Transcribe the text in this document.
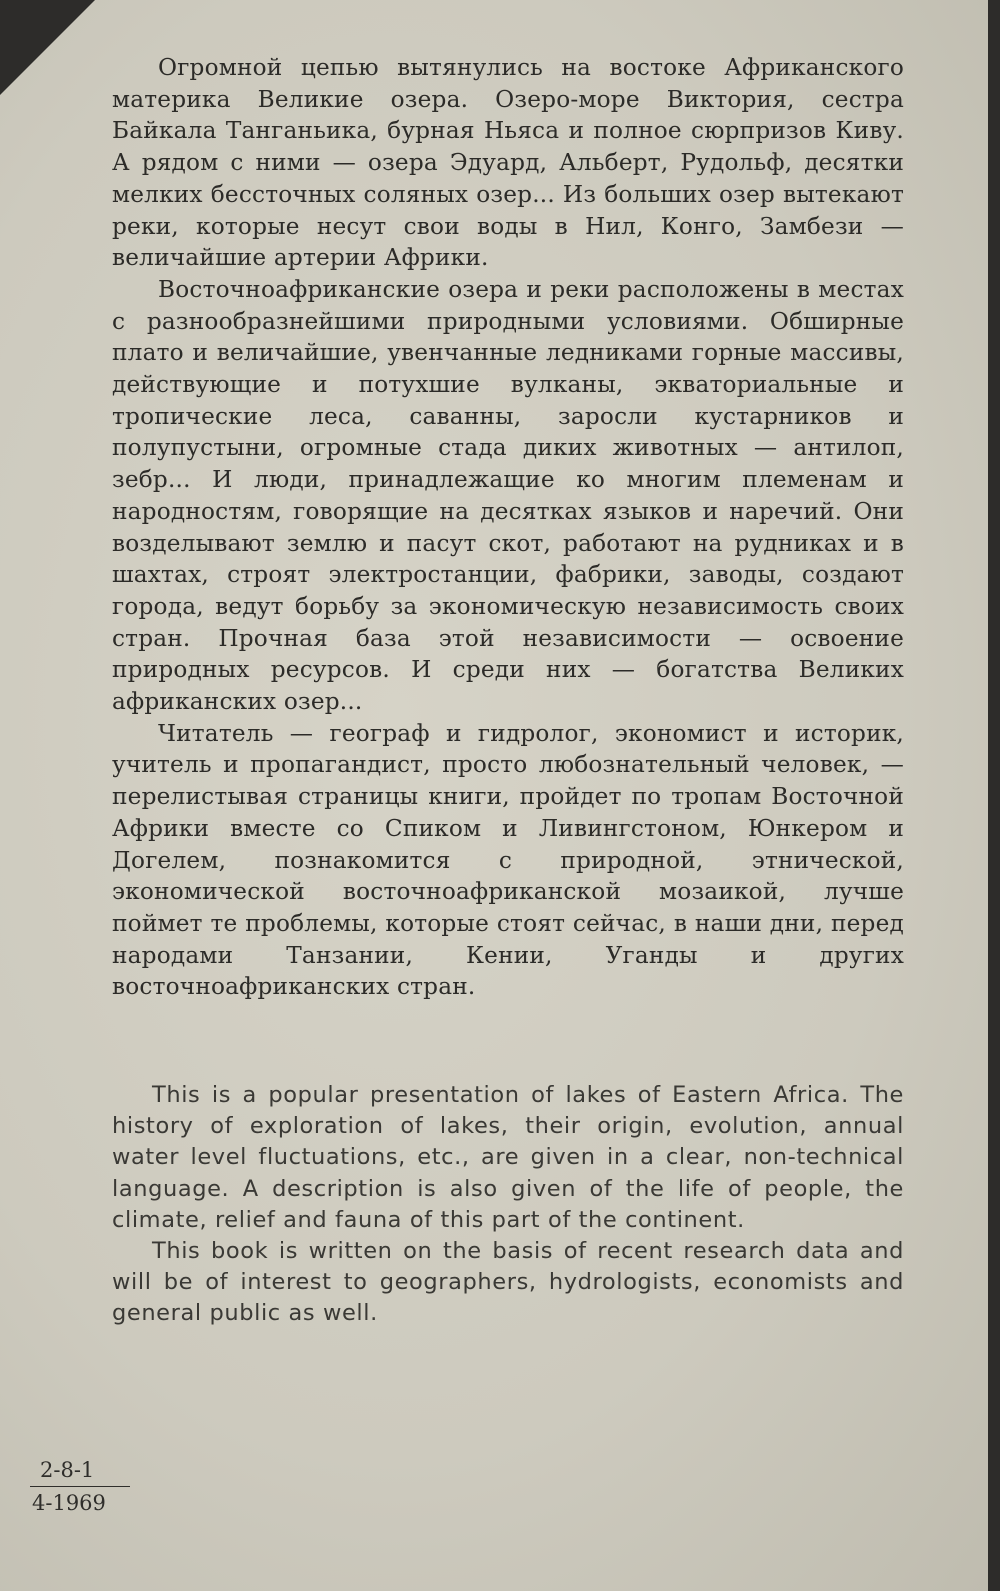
Огромной цепью вытянулись на востоке Африканского материка Великие озера. Озеро-море Виктория, сестра Байкала Танганьика, бурная Ньяса и полное сюрпризов Киву. А рядом с ними — озера Эдуард, Альберт, Рудольф, десятки мелких бессточных соляных озер... Из больших озер вытекают реки, которые несут свои воды в Нил, Конго, Замбези — величайшие артерии Африки.

Восточноафриканские озера и реки расположены в местах с разнообразнейшими природными условиями. Обширные плато и величайшие, увенчанные ледниками горные массивы, действующие и потухшие вулканы, экваториальные и тропические леса, саванны, заросли кустарников и полупустыни, огромные стада диких животных — антилоп, зебр... И люди, принадлежащие ко многим племенам и народностям, говорящие на десятках языков и наречий. Они возделывают землю и пасут скот, работают на рудниках и в шахтах, строят электростанции, фабрики, заводы, создают города, ведут борьбу за экономическую независимость своих стран. Прочная база этой независимости — освоение природных ресурсов. И среди них — богатства Великих африканских озер...

Читатель — географ и гидролог, экономист и историк, учитель и пропагандист, просто любознательный человек, — перелистывая страницы книги, пройдет по тропам Восточной Африки вместе со Спиком и Ливингстоном, Юнкером и Догелем, познакомится с природной, этнической, экономической восточноафриканской мозаикой, лучше поймет те проблемы, которые стоят сейчас, в наши дни, перед народами Танзании, Кении, Уганды и других восточноафриканских стран.

This is a popular presentation of lakes of Eastern Africa. The history of exploration of lakes, their origin, evolution, annual water level fluctuations, etc., are given in a clear, non-technical language. A description is also given of the life of people, the climate, relief and fauna of this part of the continent.

This book is written on the basis of recent research data and will be of interest to geographers, hydrologists, economists and general public as well.

$\frac{2-8-1}{4-1969}$
